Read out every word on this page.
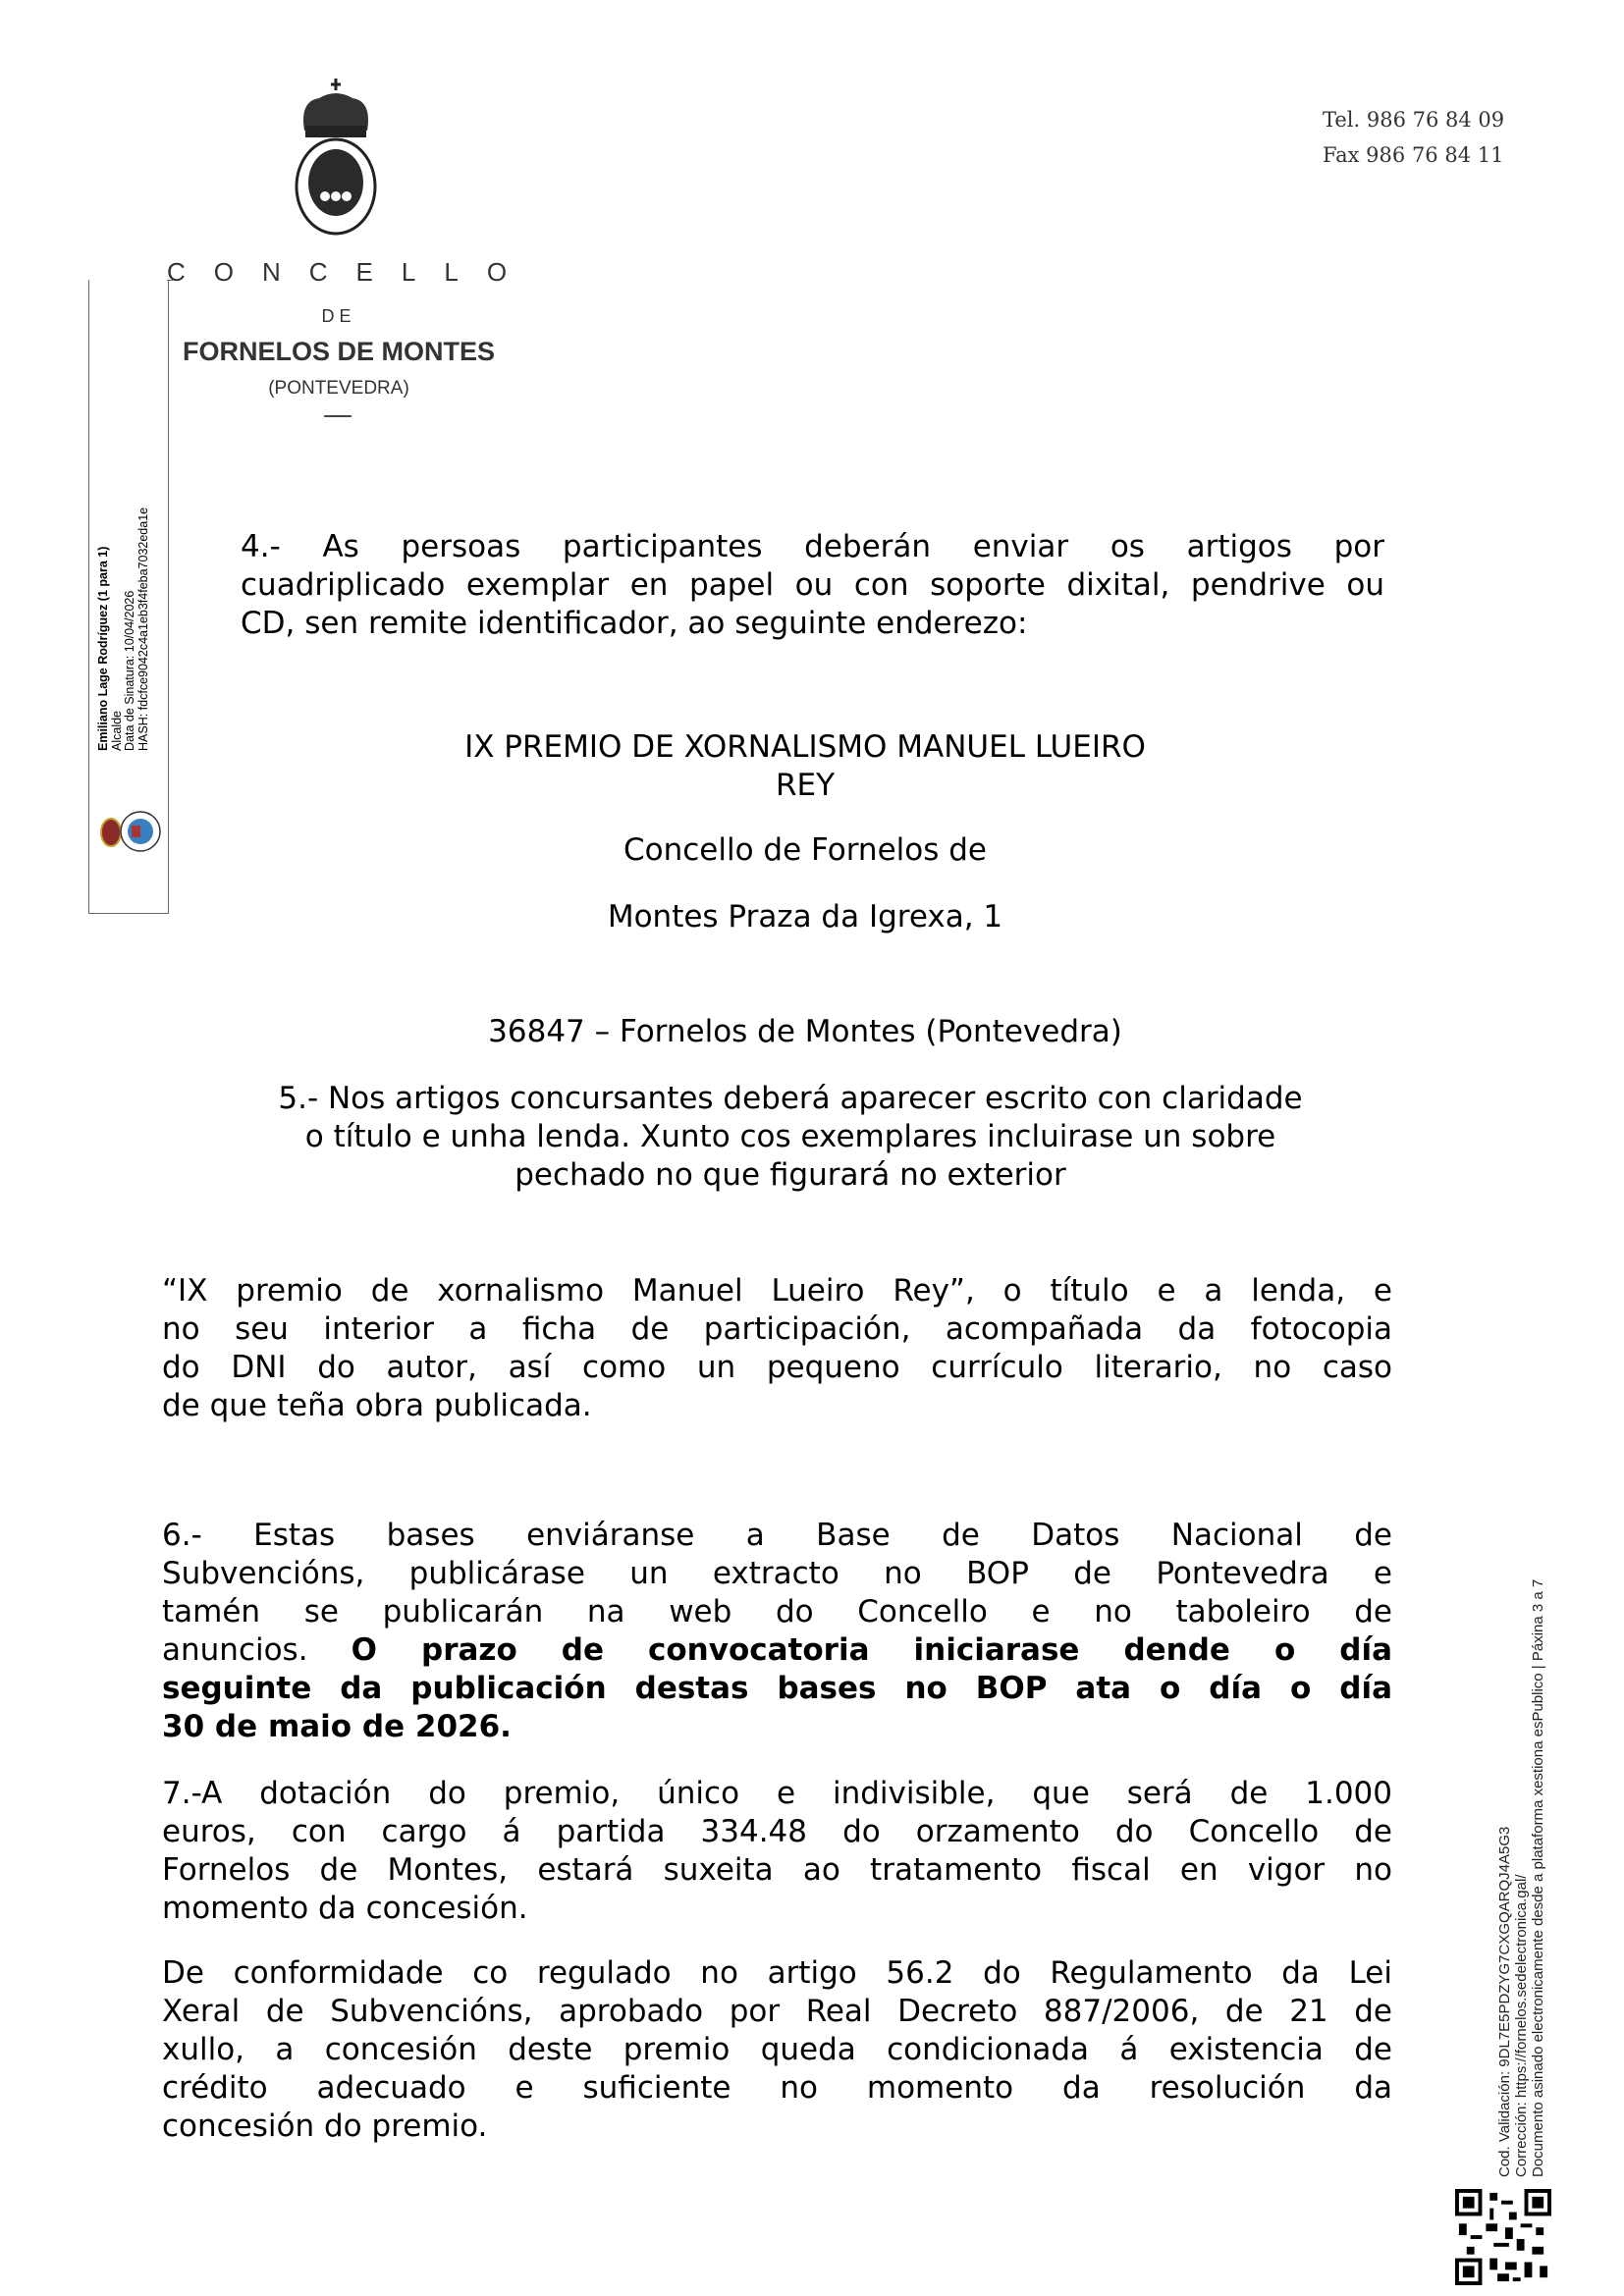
Tel. 986 76 84 09
Fax 986 76 84 11
CONCELLO
DE
FORNELOS DE MONTES
(PONTEVEDRA)
Emiliano Lage Rodríguez (1 para 1) Alcalde Data de Sinatura: 10/04/2026 HASH: fdcfce9042c4a1eb3f4feba7032eda1e
Cod. Validación: 9DL7E5PDZYG7CXGQARQJ4A5G3 Corrección: https://fornelos.sedelectronica.gal/ Documento asinado electronicamente desde a plataforma xestiona esPublico | Páxina 3 a 7
4.- As persoas participantes deberán enviar os artigos por
cuadriplicado exemplar en papel ou con soporte dixital, pendrive ou
CD, sen remite identificador, ao seguinte enderezo:
IX PREMIO DE XORNALISMO MANUEL LUEIRO
REY
Concello de Fornelos de
Montes Praza da Igrexa, 1
36847 – Fornelos de Montes (Pontevedra)
5.- Nos artigos concursantes deberá aparecer escrito con claridade
o título e unha lenda. Xunto cos exemplares incluirase un sobre
pechado no que figurará no exterior
“IX premio de xornalismo Manuel Lueiro Rey”, o título e a lenda, e
no seu interior a ficha de participación, acompañada da fotocopia
do DNI do autor, así como un pequeno currículo literario, no caso
de que teña obra publicada.
6.- Estas bases enviáranse a Base de Datos Nacional de
Subvencións, publicárase un extracto no BOP de Pontevedra e
tamén se publicarán na web do Concello e no taboleiro de
anuncios. O prazo de convocatoria iniciarase dende o día
seguinte da publicación destas bases no BOP ata o día o día
30 de maio de 2026.
7.-A dotación do premio, único e indivisible, que será de 1.000
euros, con cargo á partida 334.48 do orzamento do Concello de
Fornelos de Montes, estará suxeita ao tratamento fiscal en vigor no
momento da concesión.
De conformidade co regulado no artigo 56.2 do Regulamento da Lei
Xeral de Subvencións, aprobado por Real Decreto 887/2006, de 21 de
xullo, a concesión deste premio queda condicionada á existencia de
crédito adecuado e suficiente no momento da resolución da
concesión do premio.
